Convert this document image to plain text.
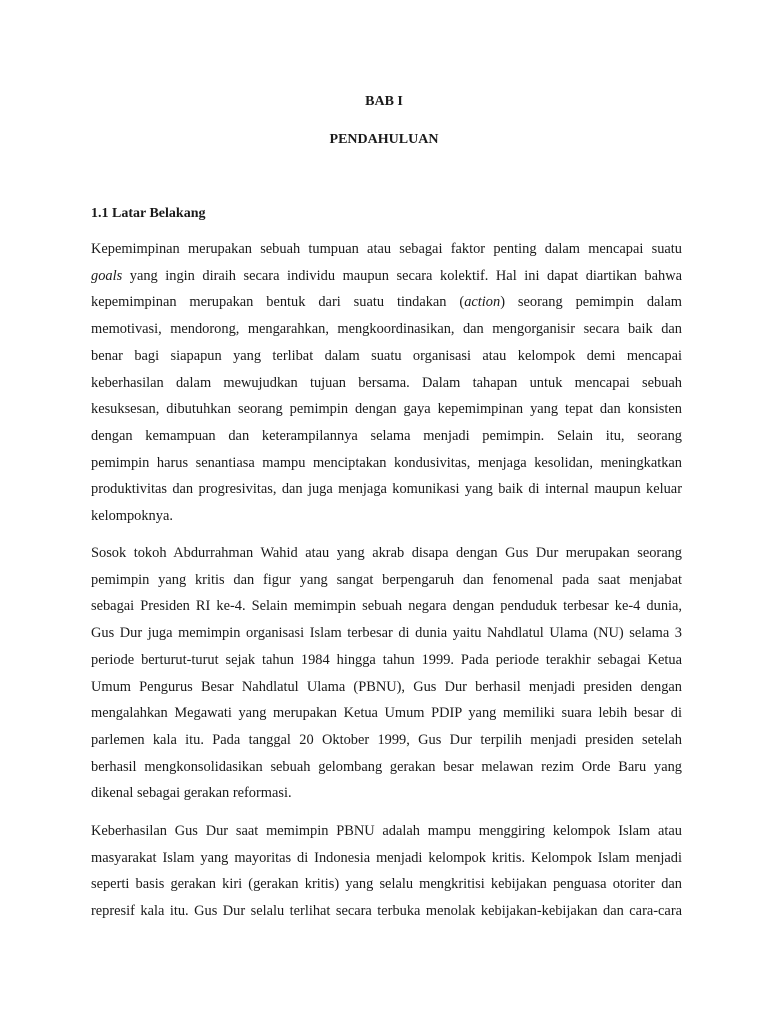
BAB I
PENDAHULUAN
1.1 Latar Belakang
Kepemimpinan merupakan sebuah tumpuan atau sebagai faktor penting dalam mencapai suatu
goals yang ingin diraih secara individu maupun secara kolektif. Hal ini dapat diartikan bahwa
kepemimpinan merupakan bentuk dari suatu tindakan (action) seorang pemimpin dalam
memotivasi, mendorong, mengarahkan, mengkoordinasikan, dan mengorganisir secara baik dan
benar bagi siapapun yang terlibat dalam suatu organisasi atau kelompok demi mencapai
keberhasilan dalam mewujudkan tujuan bersama. Dalam tahapan untuk mencapai sebuah
kesuksesan, dibutuhkan seorang pemimpin dengan gaya kepemimpinan yang tepat dan konsisten
dengan kemampuan dan keterampilannya selama menjadi pemimpin. Selain itu, seorang
pemimpin harus senantiasa mampu menciptakan kondusivitas, menjaga kesolidan, meningkatkan
produktivitas dan progresivitas, dan juga menjaga komunikasi yang baik di internal maupun keluar
kelompoknya.
Sosok tokoh Abdurrahman Wahid atau yang akrab disapa dengan Gus Dur merupakan seorang
pemimpin yang kritis dan figur yang sangat berpengaruh dan fenomenal pada saat menjabat
sebagai Presiden RI ke-4. Selain memimpin sebuah negara dengan penduduk terbesar ke-4 dunia,
Gus Dur juga memimpin organisasi Islam terbesar di dunia yaitu Nahdlatul Ulama (NU) selama 3
periode berturut-turut sejak tahun 1984 hingga tahun 1999. Pada periode terakhir sebagai Ketua
Umum Pengurus Besar Nahdlatul Ulama (PBNU), Gus Dur berhasil menjadi presiden dengan
mengalahkan Megawati yang merupakan Ketua Umum PDIP yang memiliki suara lebih besar di
parlemen kala itu. Pada tanggal 20 Oktober 1999, Gus Dur terpilih menjadi presiden setelah
berhasil mengkonsolidasikan sebuah gelombang gerakan besar melawan rezim Orde Baru yang
dikenal sebagai gerakan reformasi.
Keberhasilan Gus Dur saat memimpin PBNU adalah mampu menggiring kelompok Islam atau
masyarakat Islam yang mayoritas di Indonesia menjadi kelompok kritis. Kelompok Islam menjadi
seperti basis gerakan kiri (gerakan kritis) yang selalu mengkritisi kebijakan penguasa otoriter dan
represif kala itu. Gus Dur selalu terlihat secara terbuka menolak kebijakan-kebijakan dan cara-cara
